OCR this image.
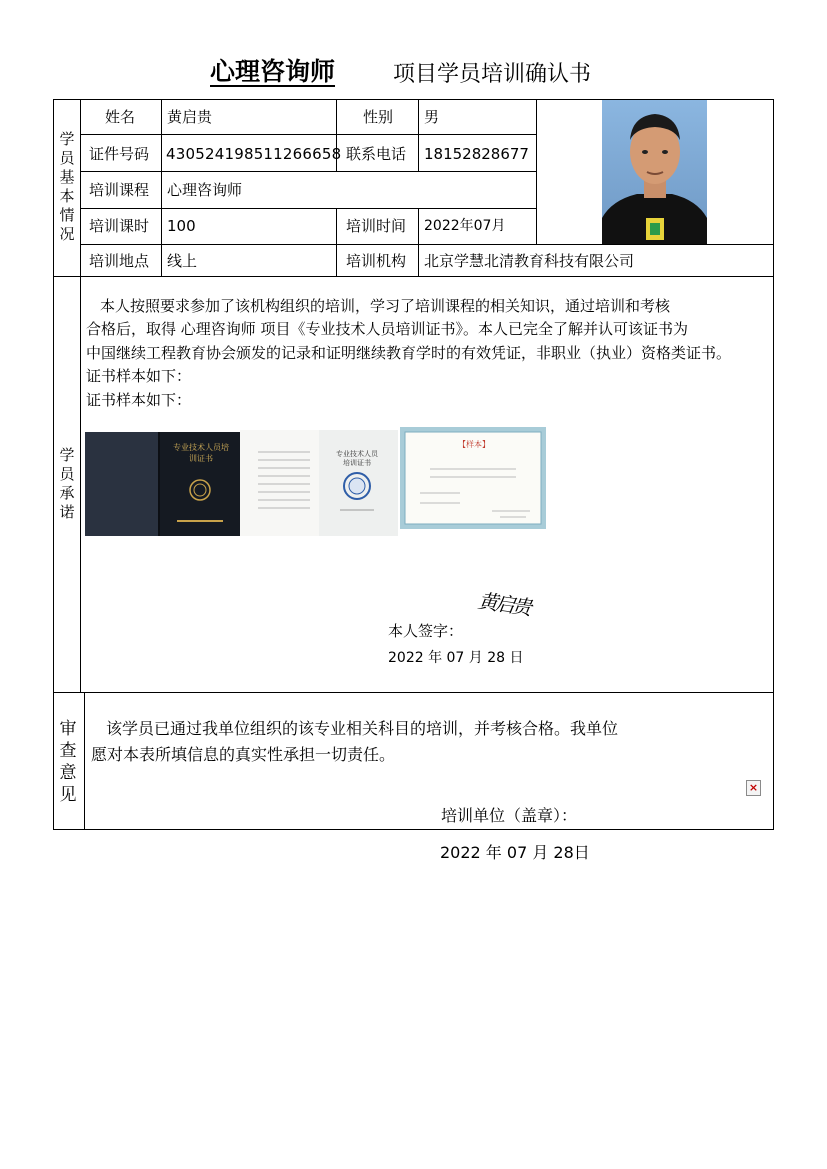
心理咨询师	项目学员培训确认书
学
员
基
本
情
况
姓名 黄启贵	性别 男
证件号码 430524198511266658 联系电话 18152828677
培训课程 心理咨询师
培训课时 100	培训时间 2022年07月
培训地点 线上	培训机构 北京学慧北清教育科技有限公司
学
员
承
诺
本人按照要求参加了该机构组织的培训，学习了培训课程的相关知识，通过培训和考核
合格后，取得 心理咨询师 项目《专业技术人员培训证书》。本人已完全了解并认可该证书为
中国继续工程教育协会颁发的记录和证明继续教育学时的有效凭证，非职业（执业）资格类证书。
证书样本如下：
证书样本如下：
专业技术人员培训证书	专业技术人员培训证书
【样本】
黄启贵
本人签字：
2022 年 07 月 28 日
审
查
意
见
该学员已通过我单位组织的该专业相关科目的培训，并考核合格。我单位
愿对本表所填信息的真实性承担一切责任。
×
培训单位（盖章）：
2022 年 07 月 28日
